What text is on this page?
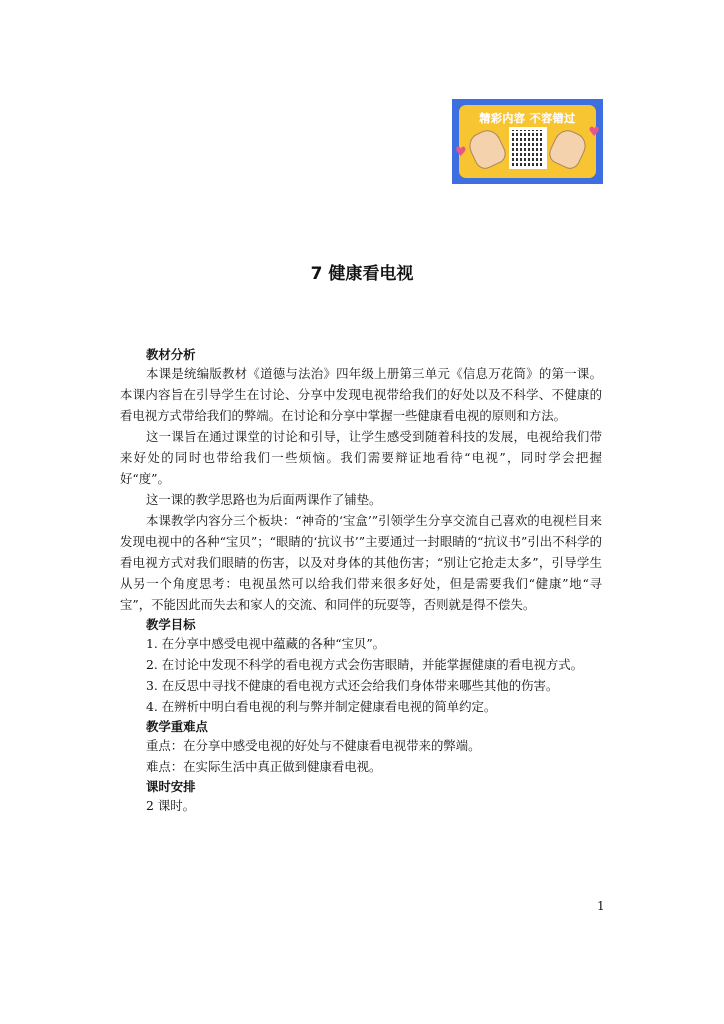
精彩内容 不容错过
♥
♥
7 健康看电视

教材分析

本课是统编版教材《道德与法治》四年级上册第三单元《信息万花筒》的第一课。本课内容旨在引导学生在讨论、分享中发现电视带给我们的好处以及不科学、不健康的看电视方式带给我们的弊端。在讨论和分享中掌握一些健康看电视的原则和方法。

这一课旨在通过课堂的讨论和引导，让学生感受到随着科技的发展，电视给我们带来好处的同时也带给我们一些烦恼。我们需要辩证地看待“电视”，同时学会把握好“度”。

这一课的教学思路也为后面两课作了铺垫。

本课教学内容分三个板块：“神奇的‘宝盒’”引领学生分享交流自己喜欢的电视栏目来发现电视中的各种“宝贝”；“眼睛的‘抗议书’”主要通过一封眼睛的“抗议书”引出不科学的看电视方式对我们眼睛的伤害，以及对身体的其他伤害；“别让它抢走太多”，引导学生从另一个角度思考：电视虽然可以给我们带来很多好处，但是需要我们“健康”地“寻宝”，不能因此而失去和家人的交流、和同伴的玩耍等，否则就是得不偿失。

教学目标

1. 在分享中感受电视中蕴藏的各种“宝贝”。

2. 在讨论中发现不科学的看电视方式会伤害眼睛，并能掌握健康的看电视方式。

3. 在反思中寻找不健康的看电视方式还会给我们身体带来哪些其他的伤害。

4. 在辨析中明白看电视的利与弊并制定健康看电视的简单约定。

教学重难点

重点：在分享中感受电视的好处与不健康看电视带来的弊端。

难点：在实际生活中真正做到健康看电视。

课时安排

2 课时。

1
